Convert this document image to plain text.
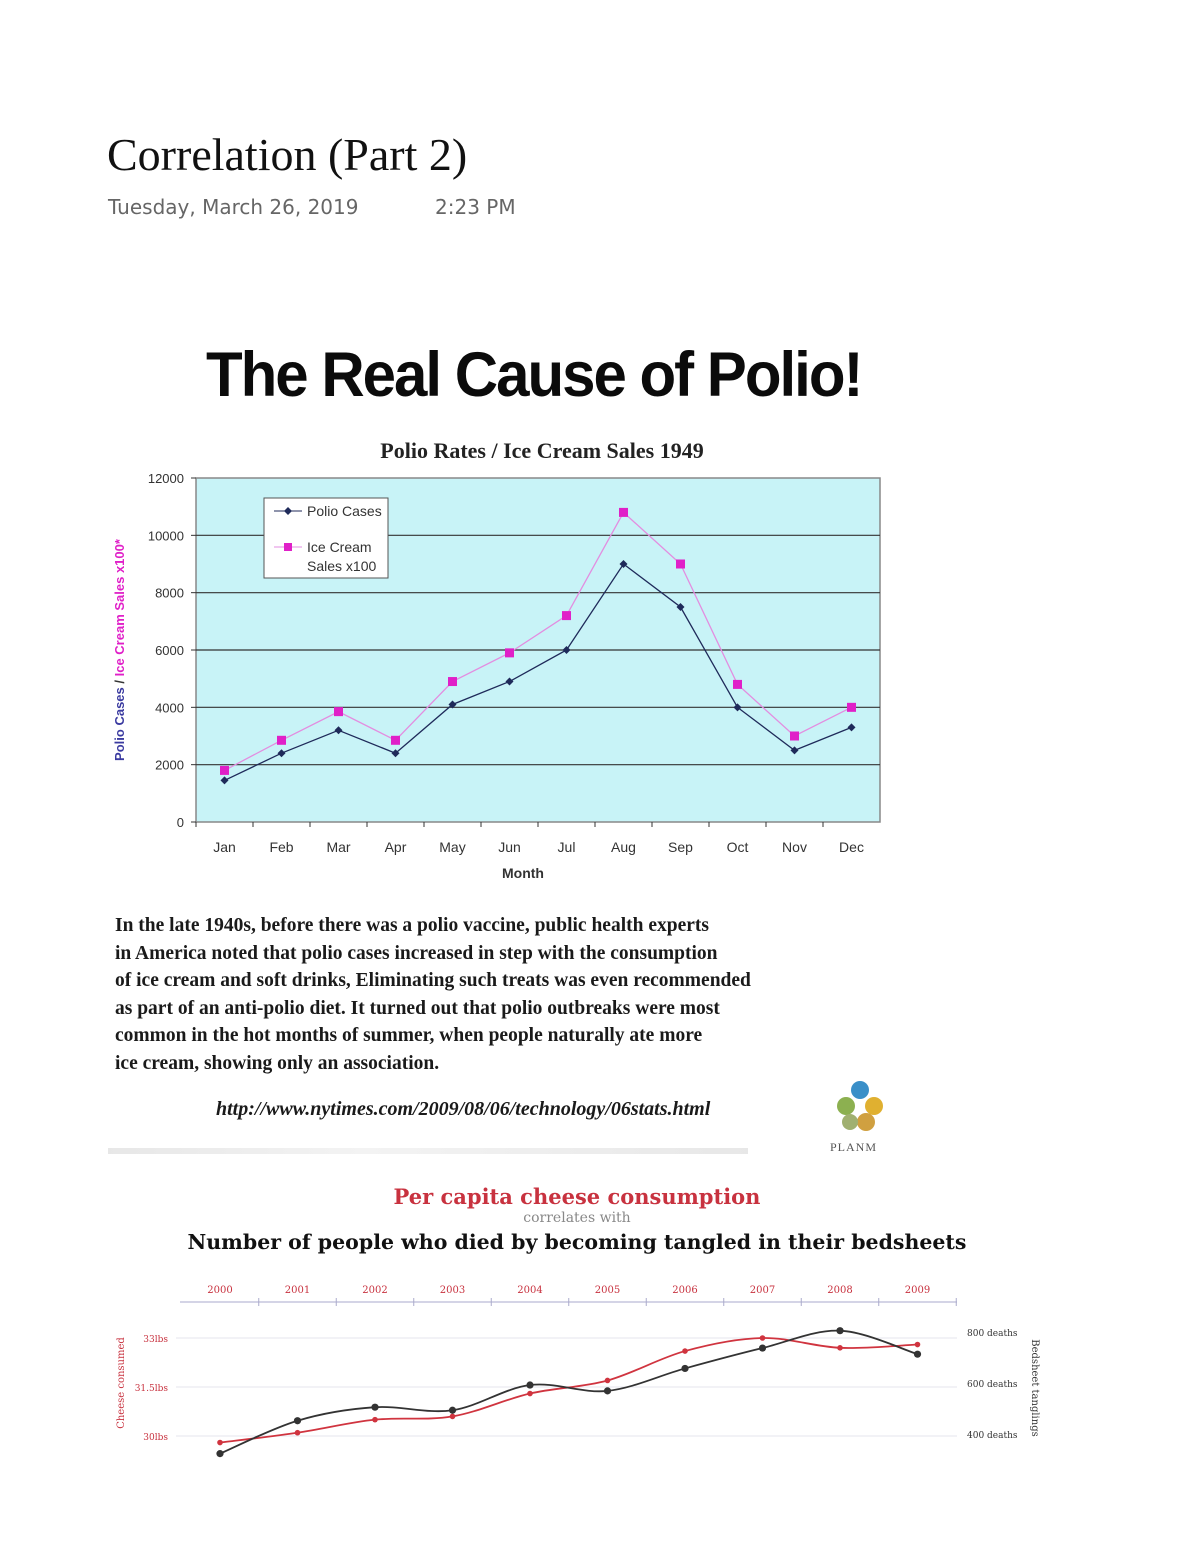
Correlation (Part 2)
Tuesday, March 26, 2019	2:23 PM
The Real Cause of Polio!
Polio Rates / Ice Cream Sales 1949
0
2000
4000
6000
8000
10000
12000
Jan Feb Mar Apr May Jun	Jul	Aug Sep Oct Nov Dec
Month
Polio Cases / Ice Cream Sales x100*
Polio Cases
Ice Cream
Sales x100
In the late 1940s, before there was a polio vaccine, public health experts
in America noted that polio cases increased in step with the consumption
of ice cream and soft drinks, Eliminating such treats was even recommended
as part of an anti-polio diet. It turned out that polio outbreaks were most
common in the hot months of summer, when people naturally ate more
ice cream, showing only an association.
http://www.nytimes.com/2009/08/06/technology/06stats.html
PLANM
Per capita cheese consumption
correlates with
Number of people who died by becoming tangled in their bedsheets
2000	2001	2002	2003	2004	2005	2006	2007	2008	2009
33lbs
31.5lbs
30lbs
800 deaths
600 deaths
400 deaths
Cheese consumed	Bedsheet tanglings
